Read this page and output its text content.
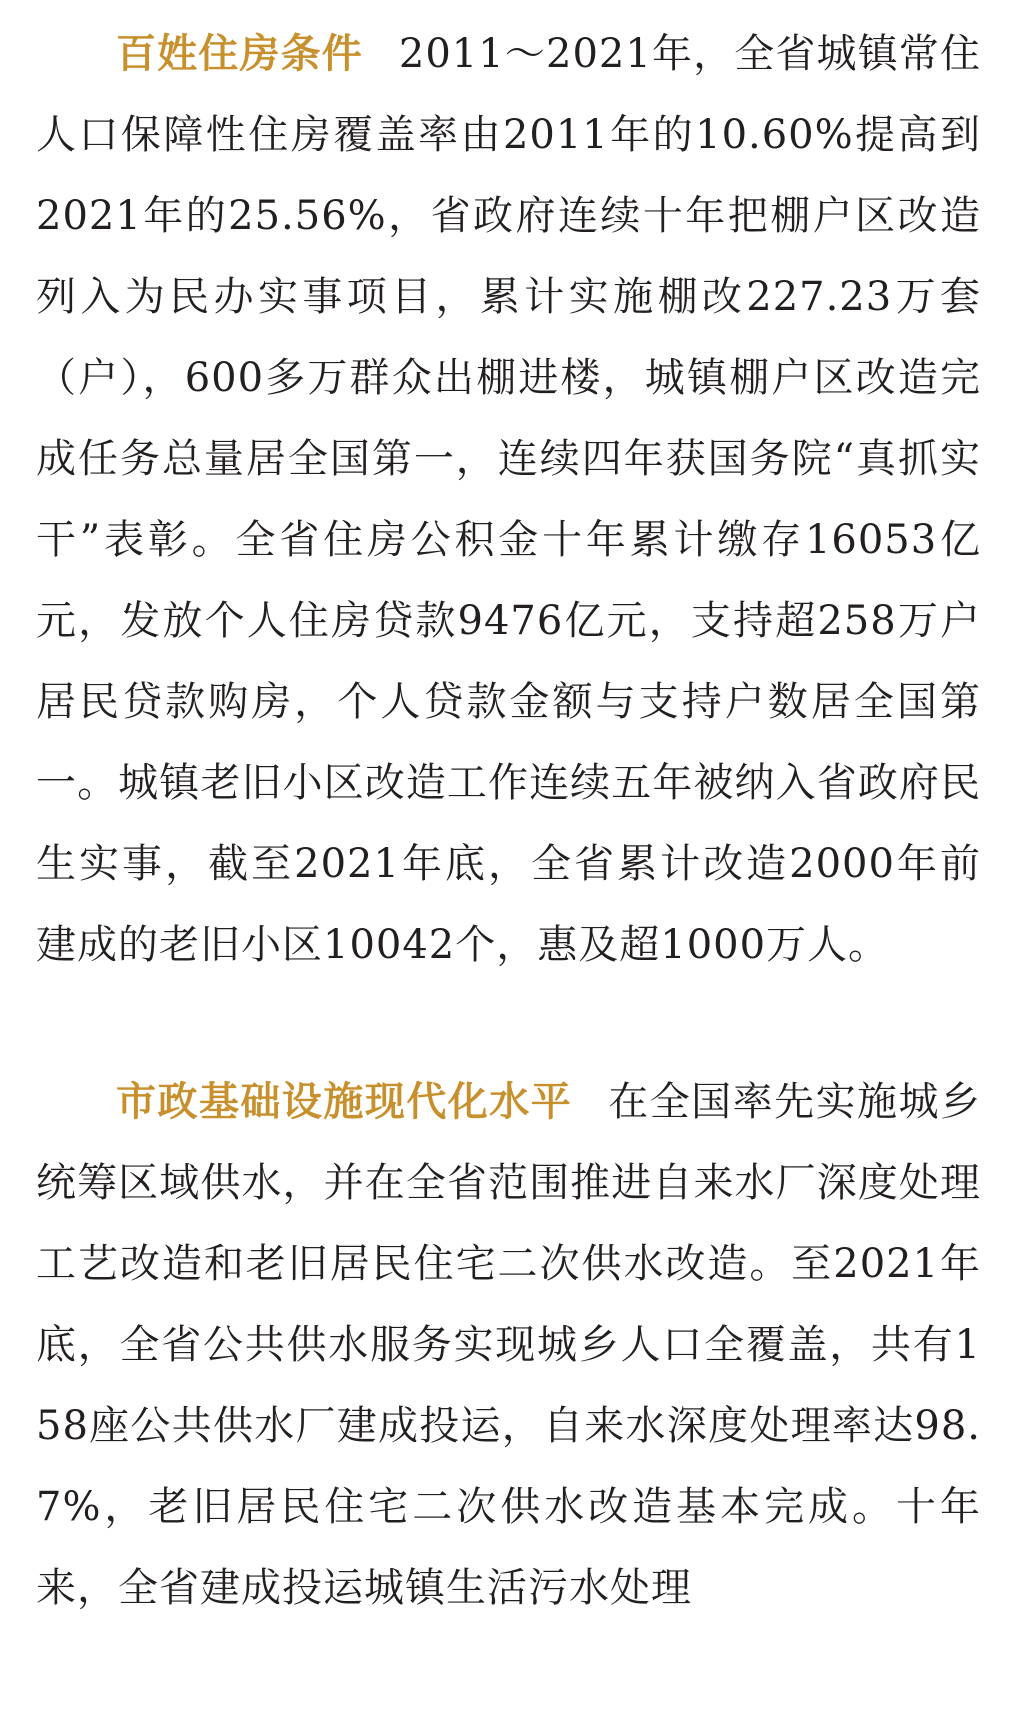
百姓住房条件 2011～2021年，全省城镇常住人口保障性住房覆盖率由2011年的10.60%提高到2021年的25.56%，省政府连续十年把棚户区改造列入为民办实事项目，累计实施棚改227.23万套（户），600多万群众出棚进楼，城镇棚户区改造完成任务总量居全国第一，连续四年获国务院“真抓实干”表彰。全省住房公积金十年累计缴存16053亿元，发放个人住房贷款9476亿元，支持超258万户居民贷款购房，个人贷款金额与支持户数居全国第一。城镇老旧小区改造工作连续五年被纳入省政府民生实事，截至2021年底，全省累计改造2000年前建成的老旧小区10042个，惠及超1000万人。

市政基础设施现代化水平 在全国率先实施城乡统筹区域供水，并在全省范围推进自来水厂深度处理工艺改造和老旧居民住宅二次供水改造。至2021年底，全省公共供水服务实现城乡人口全覆盖，共有158座公共供水厂建成投运，自来水深度处理率达98.7%，老旧居民住宅二次供水改造基本完成。十年来，全省建成投运城镇生活污水处理
